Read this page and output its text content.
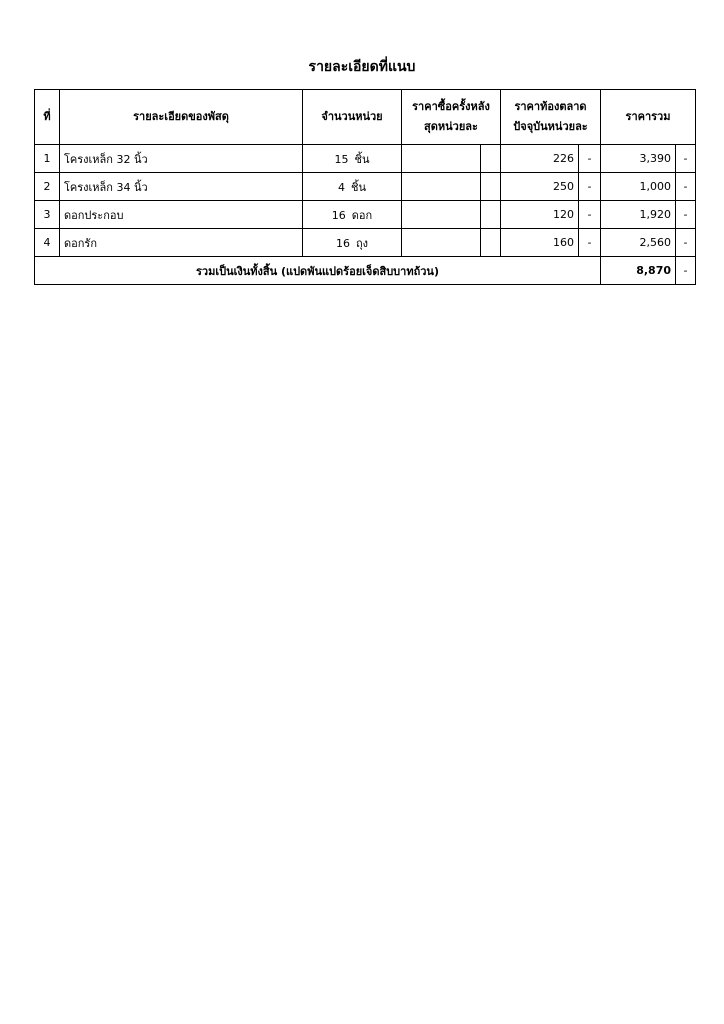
รายละเอียดที่แนบ
ที่	รายละเอียดของพัสดุ	จำนวนหน่วย	ราคาซื้อครั้งหลังสุดหน่วยละ		ราคาท้องตลาดปัจจุบันหน่วยละ		ราคารวม	
1	โครงเหล็ก 32 นิ้ว	15 ชิ้น			226	-	3,390	-
2	โครงเหล็ก 34 นิ้ว	4 ชิ้น			250	-	1,000	-
3	ดอกประกอบ	16 ดอก			120	-	1,920	-
4	ดอกรัก	16 ถุง			160	-	2,560	-
รวมเป็นเงินทั้งสิ้น (แปดพันแปดร้อยเจ็ดสิบบาทถ้วน)							8,870	-
